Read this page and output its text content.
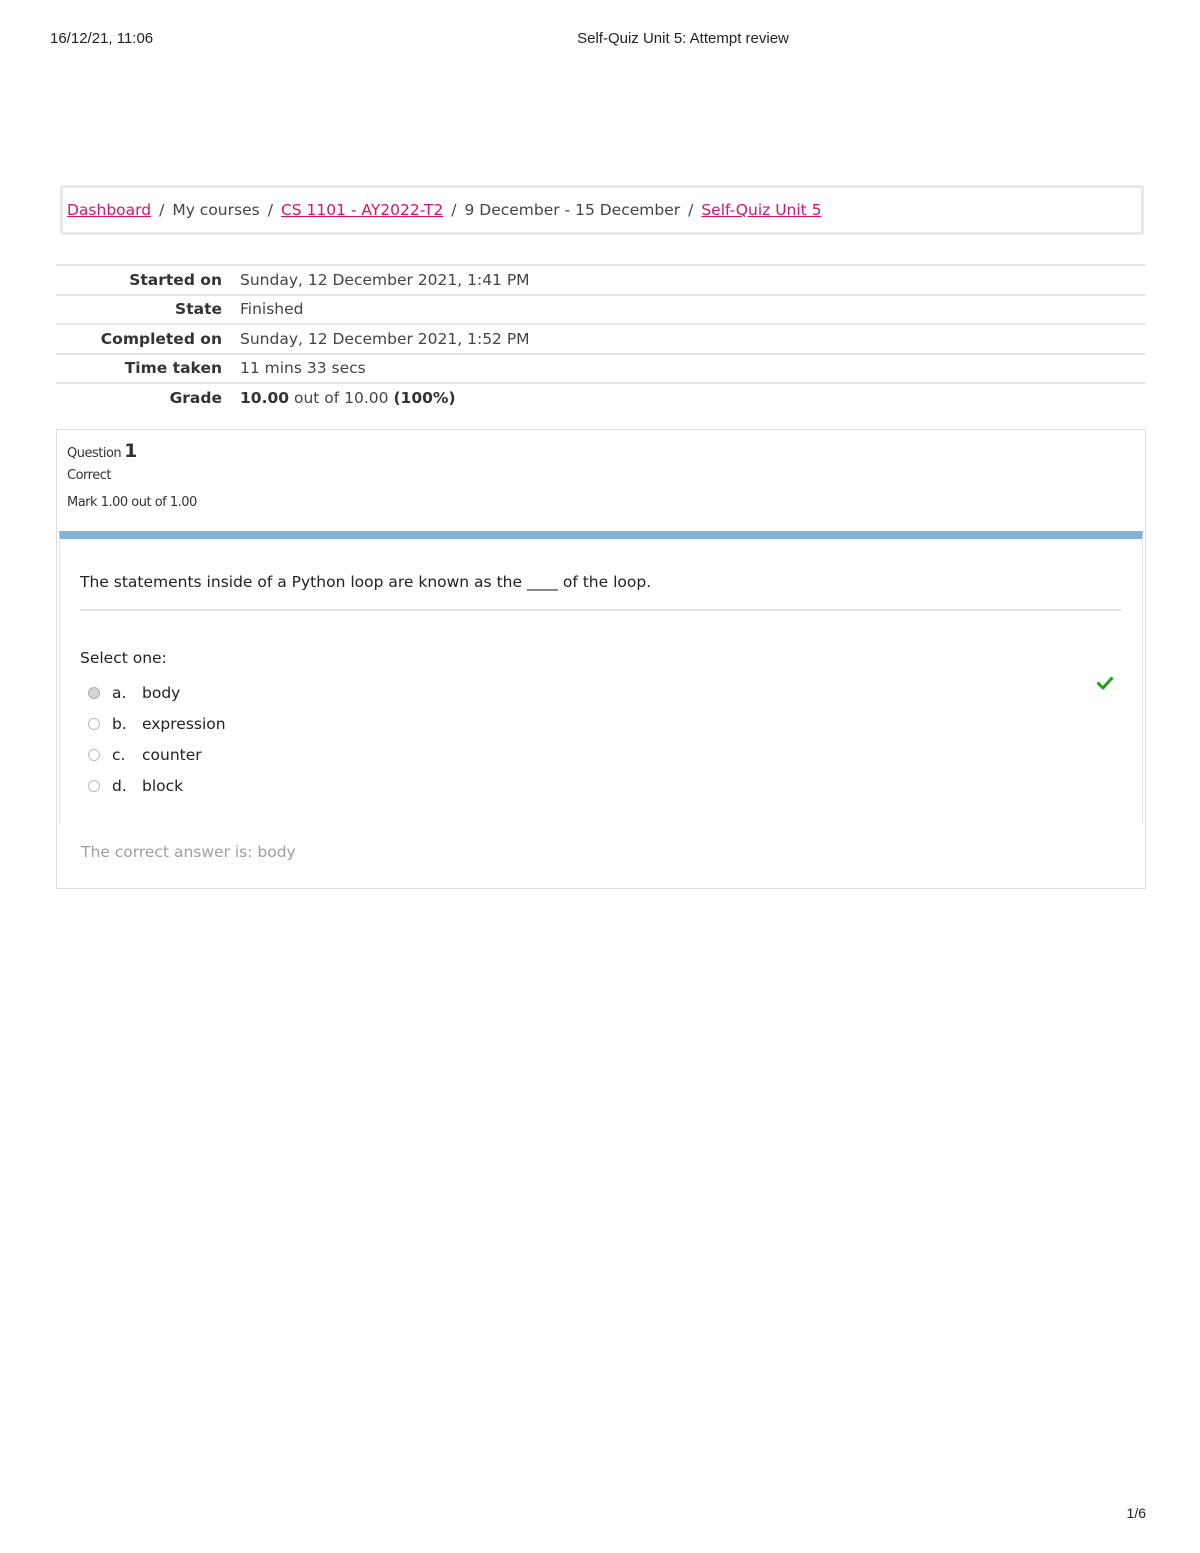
16/12/21, 11:06	Self-Quiz Unit 5: Attempt review
Dashboard / My courses / CS 1101 - AY2022-T2 / 9 December - 15 December / Self-Quiz Unit 5
Started on	Sunday, 12 December 2021, 1:41 PM
State	Finished
Completed on	Sunday, 12 December 2021, 1:52 PM
Time taken	11 mins 33 secs
Grade	10.00 out of 10.00 (100%)
Question 1
Correct
Mark 1.00 out of 1.00
The statements inside of a Python loop are known as the ____ of the loop.
Select one:
a.	body
b. expression
c.	counter
d. block
The correct answer is: body
1/6
